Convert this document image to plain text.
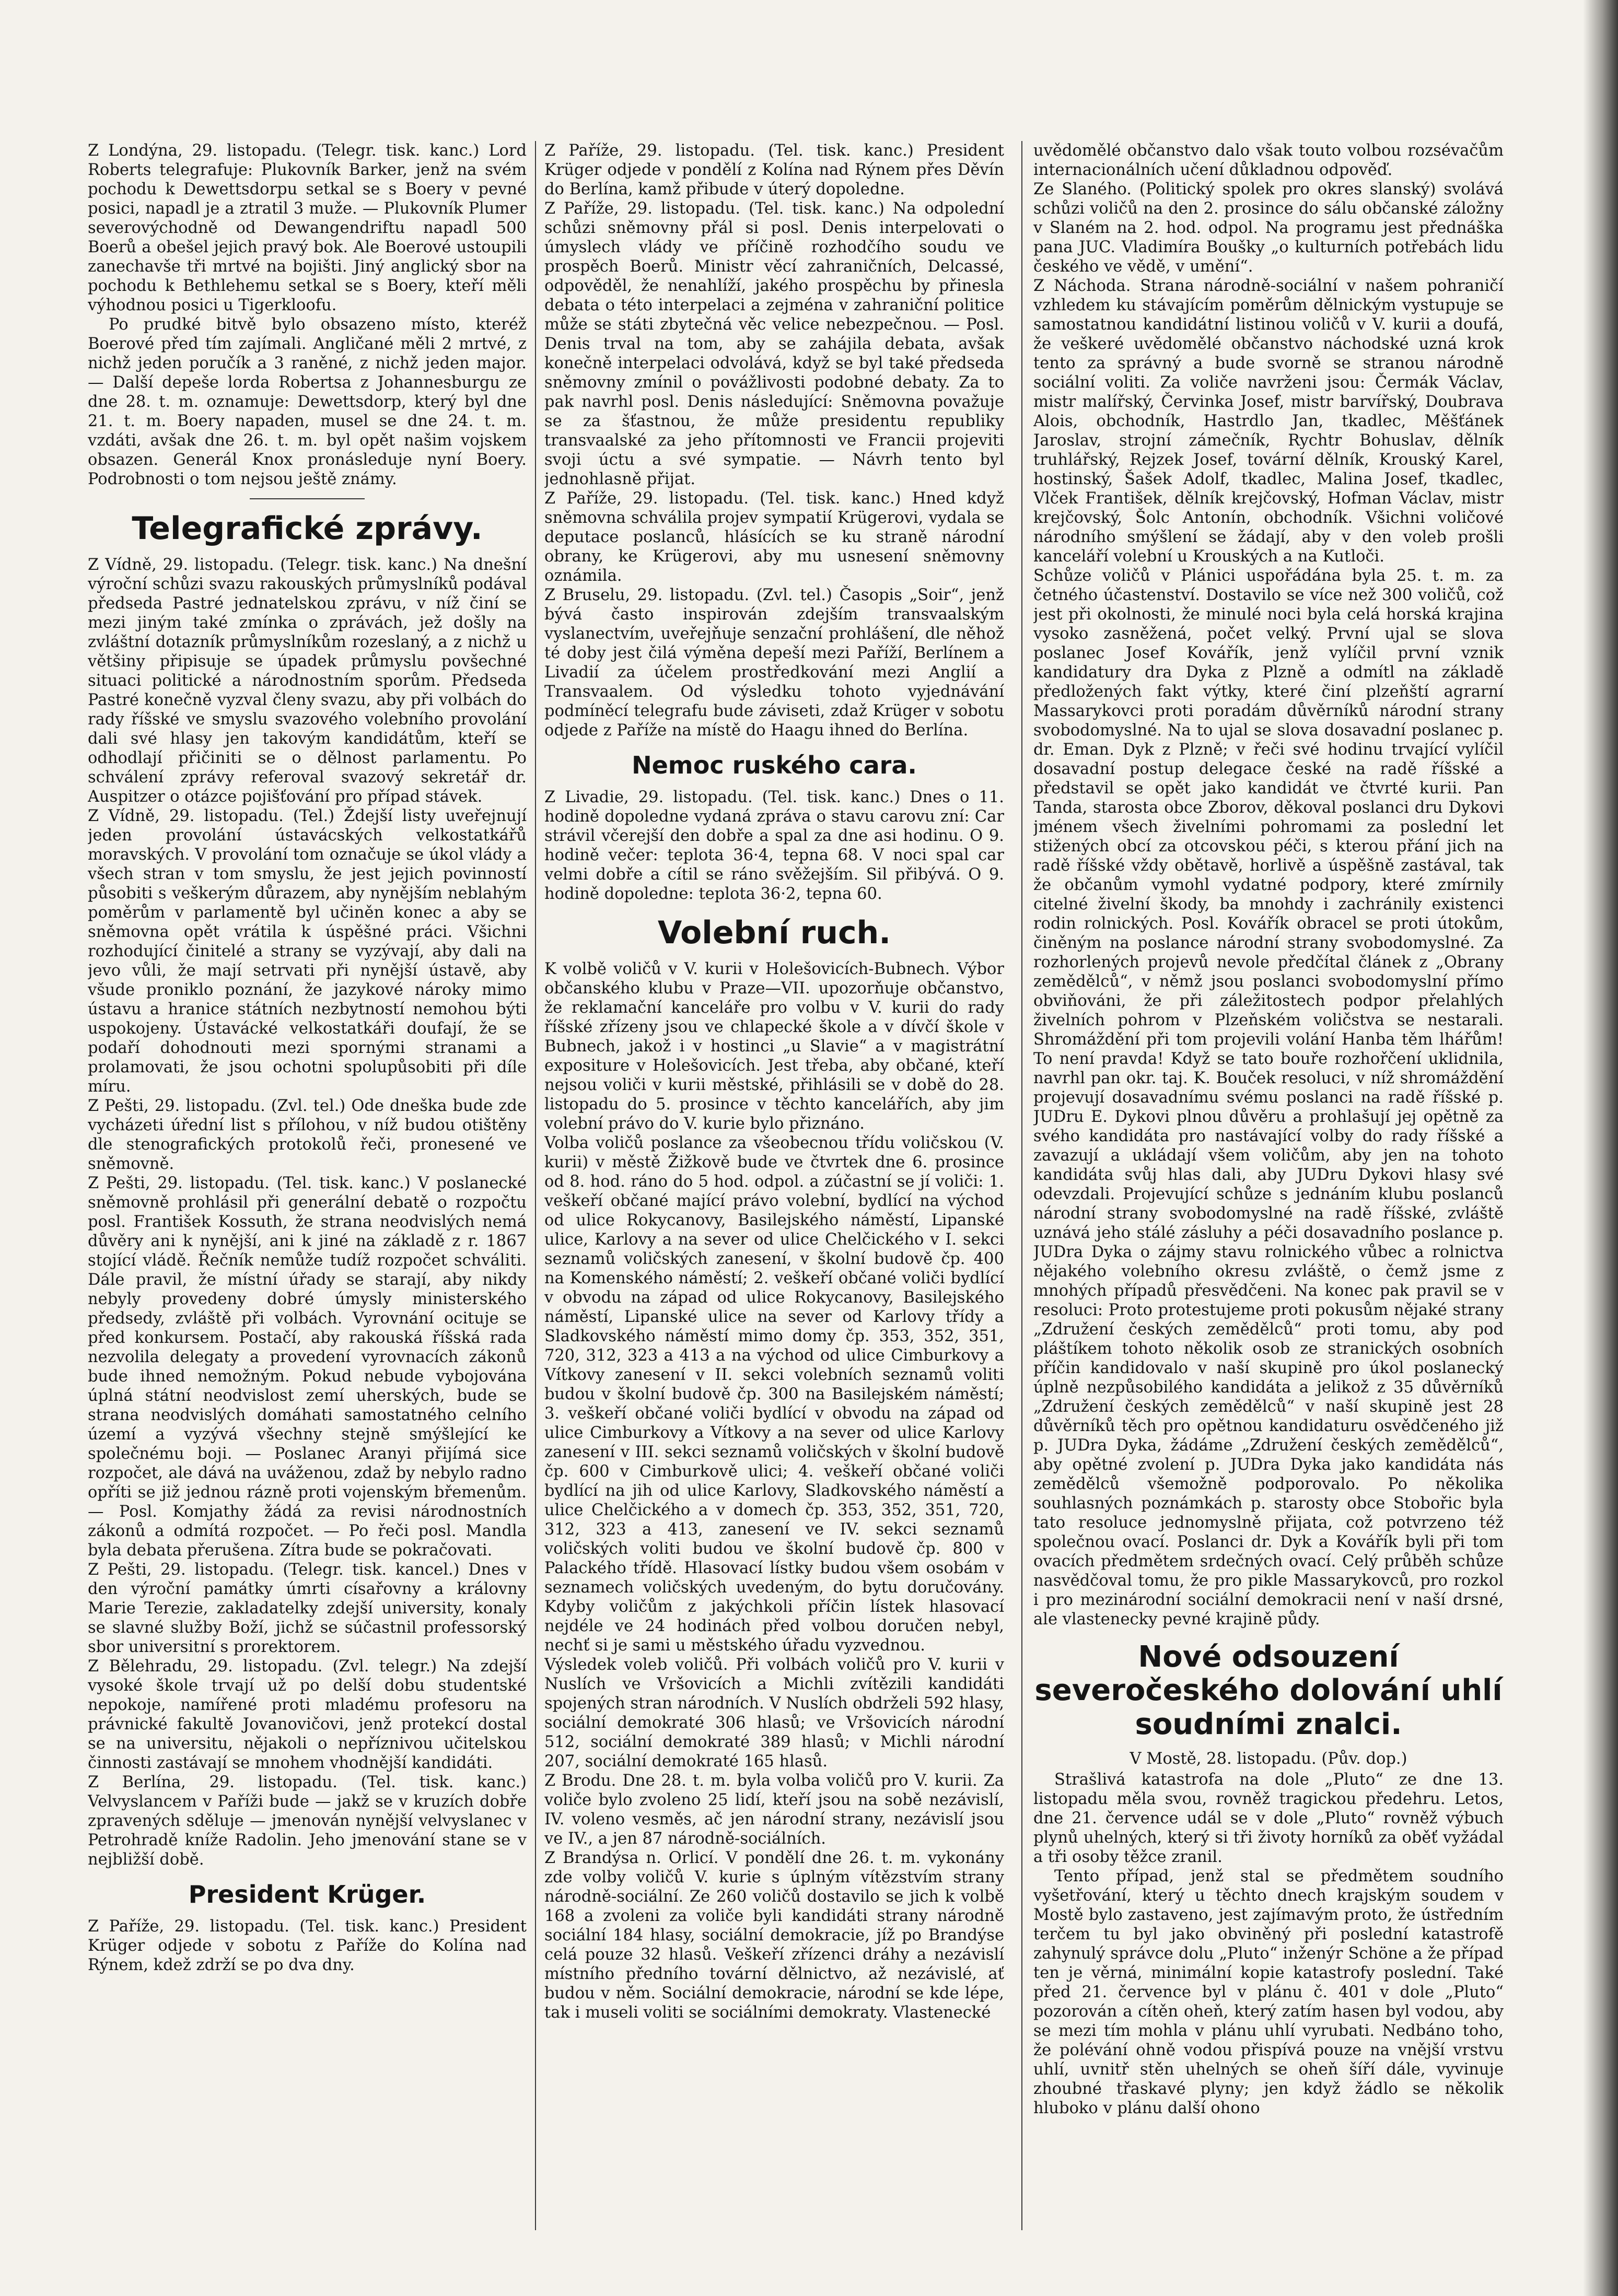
Z Londýna, 29. listopadu. (Telegr. tisk. kanc.) Lord Roberts telegrafuje: Plukovník Barker, jenž na svém pochodu k Dewettsdorpu setkal se s Boery v pevné posici, napadl je a ztratil 3 muže. — Plukovník Plumer severovýchodně od Dewangendriftu napadl 500 Boerů a obešel jejich pravý bok. Ale Boerové ustoupili zanechavše tři mrtvé na bojišti. Jiný anglický sbor na pochodu k Bethlehemu setkal se s Boery, kteří měli výhodnou posici u Tigerkloofu.

Po prudké bitvě bylo obsazeno místo, kteréž Boerové před tím zajímali. Angličané měli 2 mrtvé, z nichž jeden poručík a 3 raněné, z nichž jeden major. — Další depeše lorda Robertsa z Johannesburgu ze dne 28. t. m. oznamuje: Dewettsdorp, který byl dne 21. t. m. Boery napaden, musel se dne 24. t. m. vzdáti, avšak dne 26. t. m. byl opět našim vojskem obsazen. Generál Knox pronásleduje nyní Boery. Podrobnosti o tom nejsou ještě známy.

Telegrafické zprávy.

Z Vídně, 29. listopadu. (Telegr. tisk. kanc.) Na dnešní výroční schůzi svazu rakouských průmyslníků podával předseda Pastré jednatelskou zprávu, v níž činí se mezi jiným také zmínka o zprávách, jež došly na zvláštní dotazník průmyslníkům rozeslaný, a z nichž u většiny připisuje se úpadek průmyslu povšechné situaci politické a národnostním sporům. Předseda Pastré konečně vyzval členy svazu, aby při volbách do rady říšské ve smyslu svazového volebního provolání dali své hlasy jen takovým kandidátům, kteří se odhodlají přičiniti se o dělnost parlamentu. Po schválení zprávy referoval svazový sekretář dr. Auspitzer o otázce pojišťování pro případ stávek.

Z Vídně, 29. listopadu. (Tel.) Ždejší listy uveřejnují jeden provolání ústavácských velkostatkářů moravských. V provolání tom označuje se úkol vlády a všech stran v tom smyslu, že jest jejich povinností působiti s veškerým důrazem, aby nynějším neblahým poměrům v parlamentě byl učiněn konec a aby se sněmovna opět vrátila k úspěšné práci. Všichni rozhodující činitelé a strany se vyzývají, aby dali na jevo vůli, že mají setrvati při nynější ústavě, aby všude proniklo poznání, že jazykové nároky mimo ústavu a hranice státních nezbytností nemohou býti uspokojeny. Ústavácké velkostatkáři doufají, že se podaří dohodnouti mezi spornými stranami a prolamovati, že jsou ochotni spolupůsobiti při díle míru.

Z Pešti, 29. listopadu. (Zvl. tel.) Ode dneška bude zde vycházeti úřední list s přílohou, v níž budou otištěny dle stenografických protokolů řeči, pronesené ve sněmovně.

Z Pešti, 29. listopadu. (Tel. tisk. kanc.) V poslanecké sněmovně prohlásil při generální debatě o rozpočtu posl. František Kossuth, že strana neodvislých nemá důvěry ani k nynější, ani k jiné na základě z r. 1867 stojící vládě. Řečník nemůže tudíž rozpočet schváliti. Dále pravil, že místní úřady se starají, aby nikdy nebyly provedeny dobré úmysly ministerského předsedy, zvláště při volbách. Vyrovnání ocituje se před konkursem. Postačí, aby rakouská říšská rada nezvolila delegaty a provedení vyrovnacích zákonů bude ihned nemožným. Pokud nebude vybojována úplná státní neodvislost zemí uherských, bude se strana neodvislých domáhati samostatného celního území a vyzývá všechny stejně smýšlející ke společnému boji. — Poslanec Aranyi přijímá sice rozpočet, ale dává na uváženou, zdaž by nebylo radno opříti se již jednou rázně proti vojenským břemenům. — Posl. Komjathy žádá za revisi národnostních zákonů a odmítá rozpočet. — Po řeči posl. Mandla byla debata přerušena. Zítra bude se pokračovati.

Z Pešti, 29. listopadu. (Telegr. tisk. kancel.) Dnes v den výroční památky úmrti císařovny a královny Marie Terezie, zakladatelky zdejší university, konaly se slavné služby Boží, jichž se súčastnil professorský sbor universitní s prorektorem.

Z Bělehradu, 29. listopadu. (Zvl. telegr.) Na zdejší vysoké škole trvají už po delší dobu studentské nepokoje, namířené proti mladému profesoru na právnické fakultě Jovanovičovi, jenž protekcí dostal se na universitu, nějakoli o nepříznivou učitelskou činnosti zastávají se mnohem vhodnější kandidáti.

Z Berlína, 29. listopadu. (Tel. tisk. kanc.) Velvyslancem v Paříži bude — jakž se v kruzích dobře zpravených sděluje — jmenován nynější velvyslanec v Petrohradě kníže Radolin. Jeho jmenování stane se v nejbližší době.

President Krüger.

Z Paříže, 29. listopadu. (Tel. tisk. kanc.) President Krüger odjede v sobotu z Paříže do Kolína nad Rýnem, kdež zdrží se po dva dny.

Z Paříže, 29. listopadu. (Tel. tisk. kanc.) President Krüger odjede v pondělí z Kolína nad Rýnem přes Děvín do Berlína, kamž přibude v úterý dopoledne.

Z Paříže, 29. listopadu. (Tel. tisk. kanc.) Na odpolední schůzi sněmovny přál si posl. Denis interpelovati o úmyslech vlády ve příčině rozhodčího soudu ve prospěch Boerů. Ministr věcí zahraničních, Delcassé, odpověděl, že nenahlíží, jakého prospěchu by přinesla debata o této interpelaci a zejména v zahraniční politice může se státi zbytečná věc velice nebezpečnou. — Posl. Denis trval na tom, aby se zahájila debata, avšak konečně interpelaci odvolává, když se byl také předseda sněmovny zmínil o povážlivosti podobné debaty. Za to pak navrhl posl. Denis následující: Sněmovna považuje se za šťastnou, že může presidentu republiky transvaalské za jeho přítomnosti ve Francii projeviti svoji úctu a své sympatie. — Návrh tento byl jednohlasně přijat.

Z Paříže, 29. listopadu. (Tel. tisk. kanc.) Hned když sněmovna schválila projev sympatií Krügerovi, vydala se deputace poslanců, hlásících se ku straně národní obrany, ke Krügerovi, aby mu usnesení sněmovny oznámila.

Z Bruselu, 29. listopadu. (Zvl. tel.) Časopis „Soir“, jenž bývá často inspirován zdejším transvaalským vyslanectvím, uveřejňuje senzační prohlášení, dle něhož té doby jest čilá výměna depeší mezi Paříží, Berlínem a Livadií za účelem prostředkování mezi Anglií a Transvaalem. Od výsledku tohoto vyjednávání podmíněcí telegrafu bude záviseti, zdaž Krüger v sobotu odjede z Paříže na místě do Haagu ihned do Berlína.

Nemoc ruského cara.

Z Livadie, 29. listopadu. (Tel. tisk. kanc.) Dnes o 11. hodině dopoledne vydaná zpráva o stavu carovu zní: Car strávil včerejší den dobře a spal za dne asi hodinu. O 9. hodině večer: teplota 36·4, tepna 68. V noci spal car velmi dobře a cítil se ráno svěžejším. Sil přibývá. O 9. hodině dopoledne: teplota 36·2, tepna 60.

Volební ruch.

K volbě voličů v V. kurii v Holešovicích-Bubnech. Výbor občanského klubu v Praze—VII. upozorňuje občanstvo, že reklamační kanceláře pro volbu v V. kurii do rady říšské zřízeny jsou ve chlapecké škole a v dívčí škole v Bubnech, jakož i v hostinci „u Slavie“ a v magistrátní expositure v Holešovicích. Jest třeba, aby občané, kteří nejsou voliči v kurii městské, přihlásili se v době do 28. listopadu do 5. prosince v těchto kancelářích, aby jim volební právo do V. kurie bylo přiznáno.

Volba voličů poslance za všeobecnou třídu voličskou (V. kurii) v městě Žižkově bude ve čtvrtek dne 6. prosince od 8. hod. ráno do 5 hod. odpol. a zúčastní se jí voliči: 1. veškeří občané mající právo volební, bydlící na východ od ulice Rokycanovy, Basilejského náměstí, Lipanské ulice, Karlovy a na sever od ulice Chelčického v I. sekci seznamů voličských zanesení, v školní budově čp. 400 na Komenského náměstí; 2. veškeří občané voliči bydlící v obvodu na západ od ulice Rokycanovy, Basilejského náměstí, Lipanské ulice na sever od Karlovy třídy a Sladkovského náměstí mimo domy čp. 353, 352, 351, 720, 312, 323 a 413 a na východ od ulice Cimburkovy a Vítkovy zanesení v II. sekci volebních seznamů voliti budou v školní budově čp. 300 na Basilejském náměstí; 3. veškeří občané voliči bydlící v obvodu na západ od ulice Cimburkovy a Vítkovy a na sever od ulice Karlovy zanesení v III. sekci seznamů voličských v školní budově čp. 600 v Cimburkově ulici; 4. veškeří občané voliči bydlící na jih od ulice Karlovy, Sladkovského náměstí a ulice Chelčického a v domech čp. 353, 352, 351, 720, 312, 323 a 413, zanesení ve IV. sekci seznamů voličských voliti budou ve školní budově čp. 800 v Palackého třídě. Hlasovací lístky budou všem osobám v seznamech voličských uvedeným, do bytu doručovány. Kdyby voličům z jakýchkoli příčin lístek hlasovací nejdéle ve 24 hodinách před volbou doručen nebyl, nechť si je sami u městského úřadu vyzvednou.

Výsledek voleb voličů. Při volbách voličů pro V. kurii v Nuslích ve Vršovicích a Michli zvítězili kandidáti spojených stran národních. V Nuslích obdrželi 592 hlasy, sociální demokraté 306 hlasů; ve Vršovicích národní 512, sociální demokraté 389 hlasů; v Michli národní 207, sociální demokraté 165 hlasů.

Z Brodu. Dne 28. t. m. byla volba voličů pro V. kurii. Za voliče bylo zvoleno 25 lidí, kteří jsou na sobě nezávislí, IV. voleno vesměs, ač jen národní strany, nezávislí jsou ve IV., a jen 87 národně-sociálních.

Z Brandýsa n. Orlicí. V pondělí dne 26. t. m. vykonány zde volby voličů V. kurie s úplným vítězstvím strany národně-sociální. Ze 260 voličů dostavilo se jich k volbě 168 a zvoleni za voliče byli kandidáti strany národně sociální 184 hlasy, sociální demokracie, jíž po Brandýse celá pouze 32 hlasů. Veškeří zřízenci dráhy a nezávislí místního předního tovární dělnictvo, až nezávislé, ať budou v něm. Sociální demokracie, národní se kde lépe, tak i museli voliti se sociálními demokraty. Vlastenecké

uvědomělé občanstvo dalo však touto volbou rozsévačům internacionálních učení důkladnou odpověď.

Ze Slaného. (Politický spolek pro okres slanský) svolává schůzi voličů na den 2. prosince do sálu občanské záložny v Slaném na 2. hod. odpol. Na programu jest přednáška pana JUC. Vladimíra Boušky „o kulturních potřebách lidu českého ve vědě, v umění“.

Z Náchoda. Strana národně-sociální v našem pohraničí vzhledem ku stávajícím poměrům dělnickým vystupuje se samostatnou kandidátní listinou voličů v V. kurii a doufá, že veškeré uvědomělé občanstvo náchodské uzná krok tento za správný a bude svorně se stranou národně sociální voliti. Za voliče navrženi jsou: Čermák Václav, mistr malířský, Červinka Josef, mistr barvířský, Doubrava Alois, obchodník, Hastrdlo Jan, tkadlec, Měšťánek Jaroslav, strojní zámečník, Rychtr Bohuslav, dělník truhlářský, Rejzek Josef, tovární dělník, Krouský Karel, hostinský, Šašek Adolf, tkadlec, Malina Josef, tkadlec, Vlček František, dělník krejčovský, Hofman Václav, mistr krejčovský, Šolc Antonín, obchodník. Všichni voličové národního smýšlení se žádají, aby v den voleb prošli kanceláří volební u Krouských a na Kutloči.

Schůze voličů v Plánici uspořádána byla 25. t. m. za četného účastenství. Dostavilo se více než 300 voličů, což jest při okolnosti, že minulé noci byla celá horská krajina vysoko zasněžená, počet velký. První ujal se slova poslanec Josef Kovářík, jenž vylíčil první vznik kandidatury dra Dyka z Plzně a odmítl na základě předložených fakt výtky, které činí plzeňští agrarní Massarykovci proti poradám důvěrníků národní strany svobodomyslné. Na to ujal se slova dosavadní poslanec p. dr. Eman. Dyk z Plzně; v řeči své hodinu trvající vylíčil dosavadní postup delegace české na radě říšské a představil se opět jako kandidát ve čtvrté kurii. Pan Tanda, starosta obce Zborov, děkoval poslanci dru Dykovi jménem všech živelními pohromami za poslední let stižených obcí za otcovskou péči, s kterou přání jich na radě říšské vždy obětavě, horlivě a úspěšně zastával, tak že občanům vymohl vydatné podpory, které zmírnily citelné živelní škody, ba mnohdy i zachránily existenci rodin rolnických. Posl. Kovářík obracel se proti útokům, činěným na poslance národní strany svobodomyslné. Za rozhorlených projevů nevole předčítal článek z „Obrany zemědělců“, v němž jsou poslanci svobodomyslní přímo obviňováni, že při záležitostech podpor přelahlých živelních pohrom v Plzeňském voličstva se nestarali. Shromáždění při tom projevili volání Hanba těm lhářům! To není pravda! Když se tato bouře rozhořčení uklidnila, navrhl pan okr. taj. K. Bouček resoluci, v níž shromáždění projevují dosavadnímu svému poslanci na radě říšské p. JUDru E. Dykovi plnou důvěru a prohlašují jej opětně za svého kandidáta pro nastávající volby do rady říšské a zavazují a ukládají všem voličům, aby jen na tohoto kandidáta svůj hlas dali, aby JUDru Dykovi hlasy své odevzdali. Projevující schůze s jednáním klubu poslanců národní strany svobodomyslné na radě říšské, zvláště uznává jeho stálé zásluhy a péči dosavadního poslance p. JUDra Dyka o zájmy stavu rolnického vůbec a rolnictva nějakého volebního okresu zvláště, o čemž jsme z mnohých případů přesvědčeni. Na konec pak pravil se v resoluci: Proto protestujeme proti pokusům nějaké strany „Združení českých zemědělců“ proti tomu, aby pod pláštíkem tohoto několik osob ze stranických osobních příčin kandidovalo v naší skupině pro úkol poslanecký úplně nezpůsobilého kandidáta a jelikož z 35 důvěrníků „Združení českých zemědělců“ v naší skupině jest 28 důvěrníků těch pro opětnou kandidaturu osvědčeného již p. JUDra Dyka, žádáme „Združení českých zemědělců“, aby opětné zvolení p. JUDra Dyka jako kandidáta nás zemědělců všemožně podporovalo. Po několika souhlasných poznámkách p. starosty obce Stobořic byla tato resoluce jednomyslně přijata, což potvrzeno též společnou ovací. Poslanci dr. Dyk a Kovářík byli při tom ovacích předmětem srdečných ovací. Celý průběh schůze nasvědčoval tomu, že pro pikle Massarykovců, pro rozkol i pro mezinárodní sociální demokracii není v naší drsné, ale vlastenecky pevné krajině půdy.

Nové odsouzení severočeského dolování uhlí soudními znalci.
V Mostě, 28. listopadu. (Pův. dop.)

Strašlivá katastrofa na dole „Pluto“ ze dne 13. listopadu měla svou, rovněž tragickou předehru. Letos, dne 21. července udál se v dole „Pluto“ rovněž výbuch plynů uhelných, který si tři životy horníků za oběť vyžádal a tři osoby těžce zranil.

Tento případ, jenž stal se předmětem soudního vyšetřování, který u těchto dnech krajským soudem v Mostě bylo zastaveno, jest zajímavým proto, že ústředním terčem tu byl jako obviněný při poslední katastrofě zahynulý správce dolu „Pluto“ inženýr Schöne a že případ ten je věrná, minimální kopie katastrofy poslední. Také před 21. července byl v plánu č. 401 v dole „Pluto“ pozorován a cítěn oheň, který zatím hasen byl vodou, aby se mezi tím mohla v plánu uhlí vyrubati. Nedbáno toho, že polévání ohně vodou přispívá pouze na vnější vrstvu uhlí, uvnitř stěn uhelných se oheň šíří dále, vyvinuje zhoubné třaskavé plyny; jen když žádlo se několik hluboko v plánu další ohono
